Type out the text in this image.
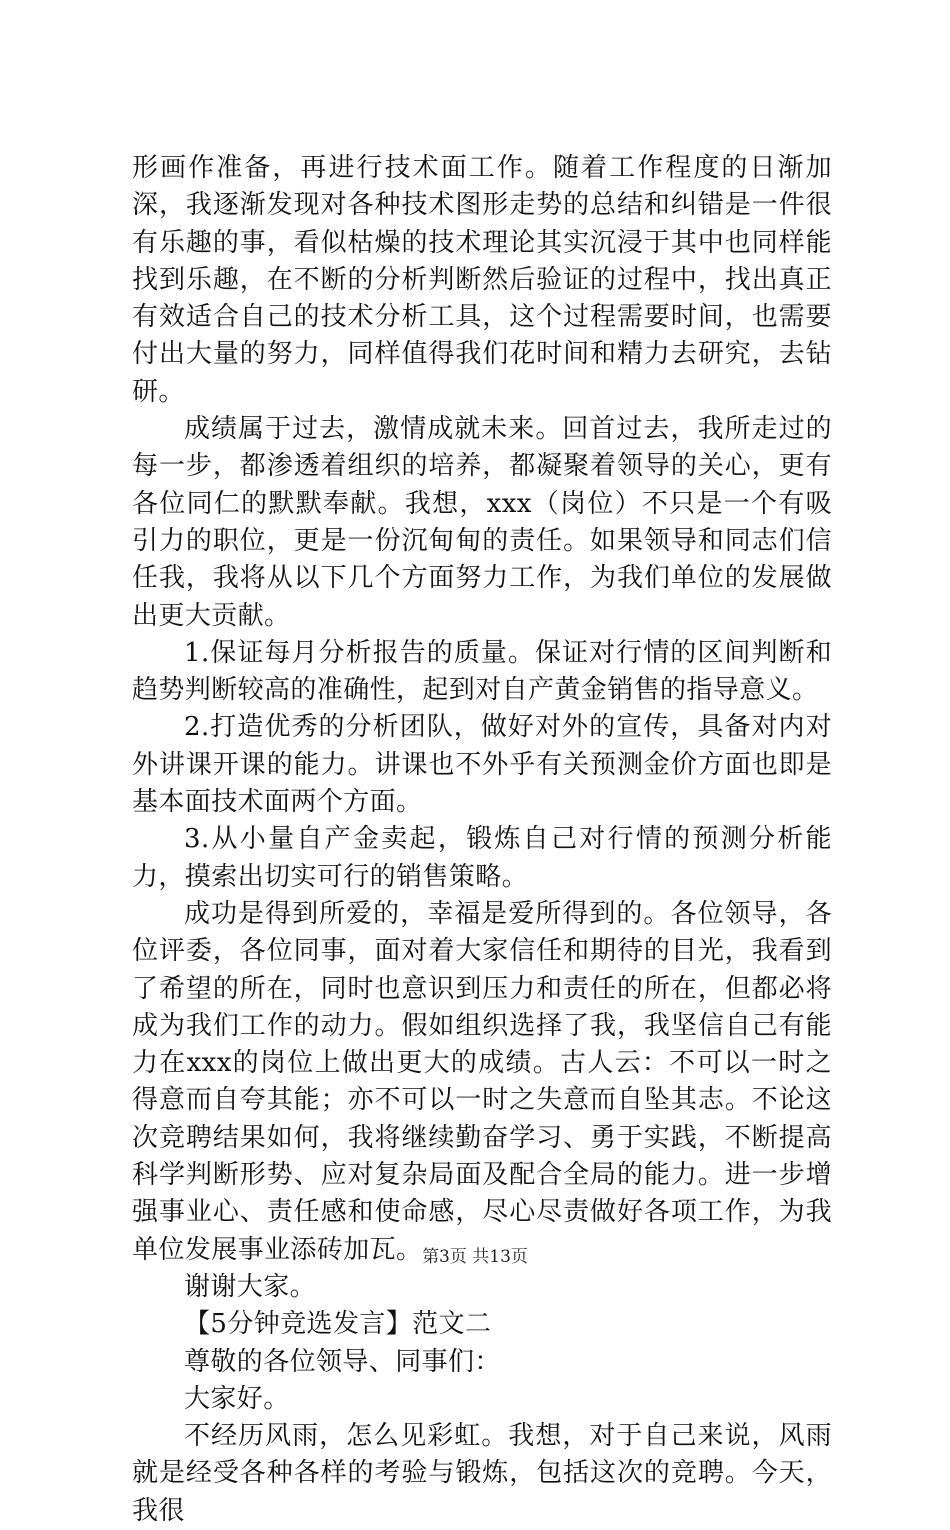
形画作准备，再进行技术面工作。随着工作程度的日渐加深，我逐渐发现对各种技术图形走势的总结和纠错是一件很有乐趣的事，看似枯燥的技术理论其实沉浸于其中也同样能找到乐趣，在不断的分析判断然后验证的过程中，找出真正有效适合自己的技术分析工具，这个过程需要时间，也需要付出大量的努力，同样值得我们花时间和精力去研究，去钻研。

成绩属于过去，激情成就未来。回首过去，我所走过的每一步，都渗透着组织的培养，都凝聚着领导的关心，更有各位同仁的默默奉献。我想，xxx（岗位）不只是一个有吸引力的职位，更是一份沉甸甸的责任。如果领导和同志们信任我，我将从以下几个方面努力工作，为我们单位的发展做出更大贡献。

1.保证每月分析报告的质量。保证对行情的区间判断和趋势判断较高的准确性，起到对自产黄金销售的指导意义。

2.打造优秀的分析团队，做好对外的宣传，具备对内对外讲课开课的能力。讲课也不外乎有关预测金价方面也即是基本面技术面两个方面。

3.从小量自产金卖起，锻炼自己对行情的预测分析能力，摸索出切实可行的销售策略。

成功是得到所爱的，幸福是爱所得到的。各位领导，各位评委，各位同事，面对着大家信任和期待的目光，我看到了希望的所在，同时也意识到压力和责任的所在，但都必将成为我们工作的动力。假如组织选择了我，我坚信自己有能力在xxx的岗位上做出更大的成绩。古人云：不可以一时之得意而自夸其能；亦不可以一时之失意而自坠其志。不论这次竞聘结果如何，我将继续勤奋学习、勇于实践，不断提高科学判断形势、应对复杂局面及配合全局的能力。进一步增强事业心、责任感和使命感，尽心尽责做好各项工作，为我单位发展事业添砖加瓦。

谢谢大家。

【5分钟竞选发言】范文二

尊敬的各位领导、同事们：

大家好。

不经历风雨，怎么见彩虹。我想，对于自己来说，风雨就是经受各种各样的考验与锻炼，包括这次的竞聘。今天，我很

第3页 共13页
